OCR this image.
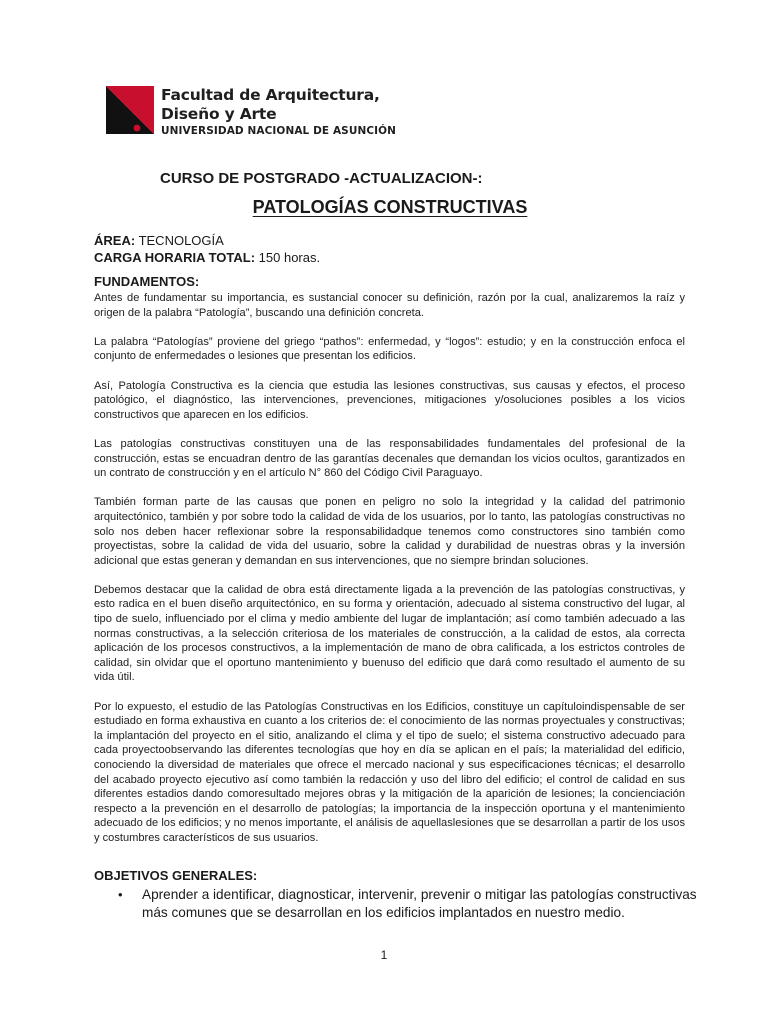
Facultad de Arquitectura,
Diseño y Arte
UNIVERSIDAD NACIONAL DE ASUNCIÓN
CURSO DE POSTGRADO -ACTUALIZACION-:
PATOLOGÍAS CONSTRUCTIVAS
ÁREA: TECNOLOGÍA
CARGA HORARIA TOTAL: 150 horas.
FUNDAMENTOS:

Antes de fundamentar su importancia, es sustancial conocer su definición, razón por la cual, analizaremos la raíz y origen de la palabra “Patología”, buscando una definición concreta.

La palabra “Patologías” proviene del griego “pathos”: enfermedad, y “logos”: estudio; y en la construcción enfoca el conjunto de enfermedades o lesiones que presentan los edificios.

Así, Patología Constructiva es la ciencia que estudia las lesiones constructivas, sus causas y efectos, el proceso patológico, el diagnóstico, las intervenciones, prevenciones, mitigaciones y/osoluciones posibles a los vicios constructivos que aparecen en los edificios.

Las patologías constructivas constituyen una de las responsabilidades fundamentales del profesional de la construcción, estas se encuadran dentro de las garantías decenales que demandan los vicios ocultos, garantizados en un contrato de construcción y en el artículo N° 860 del Código Civil Paraguayo.

También forman parte de las causas que ponen en peligro no solo la integridad y la calidad del patrimonio arquitectónico, también y por sobre todo la calidad de vida de los usuarios, por lo tanto, las patologías constructivas no solo nos deben hacer reflexionar sobre la responsabilidadque tenemos como constructores sino también como proyectistas, sobre la calidad de vida del usuario, sobre la calidad y durabilidad de nuestras obras y la inversión adicional que estas generan y demandan en sus intervenciones, que no siempre brindan soluciones.

Debemos destacar que la calidad de obra está directamente ligada a la prevención de las patologías constructivas, y esto radica en el buen diseño arquitectónico, en su forma y orientación, adecuado al sistema constructivo del lugar, al tipo de suelo, influenciado por el clima y medio ambiente del lugar de implantación; así como también adecuado a las normas constructivas, a la selección criteriosa de los materiales de construcción, a la calidad de estos, ala correcta aplicación de los procesos constructivos, a la implementación de mano de obra calificada, a los estrictos controles de calidad, sin olvidar que el oportuno mantenimiento y buenuso del edificio que dará como resultado el aumento de su vida útil.

Por lo expuesto, el estudio de las Patologías Constructivas en los Edificios, constituye un capítuloindispensable de ser estudiado en forma exhaustiva en cuanto a los criterios de: el conocimiento de las normas proyectuales y constructivas; la implantación del proyecto en el sitio, analizando el clima y el tipo de suelo; el sistema constructivo adecuado para cada proyectoobservando las diferentes tecnologías que hoy en día se aplican en el país; la materialidad del edificio, conociendo la diversidad de materiales que ofrece el mercado nacional y sus especificaciones técnicas; el desarrollo del acabado proyecto ejecutivo así como también la redacción y uso del libro del edificio; el control de calidad en sus diferentes estadios dando comoresultado mejores obras y la mitigación de la aparición de lesiones; la concienciación respecto a la prevención en el desarrollo de patologías; la importancia de la inspección oportuna y el mantenimiento adecuado de los edificios; y no menos importante, el análisis de aquellaslesiones que se desarrollan a partir de los usos y costumbres característicos de sus usuarios.

OBJETIVOS GENERALES:
• Aprender a identificar, diagnosticar, intervenir, prevenir o mitigar las patologías constructivas más comunes que se desarrollan en los edificios implantados en nuestro medio.
1
